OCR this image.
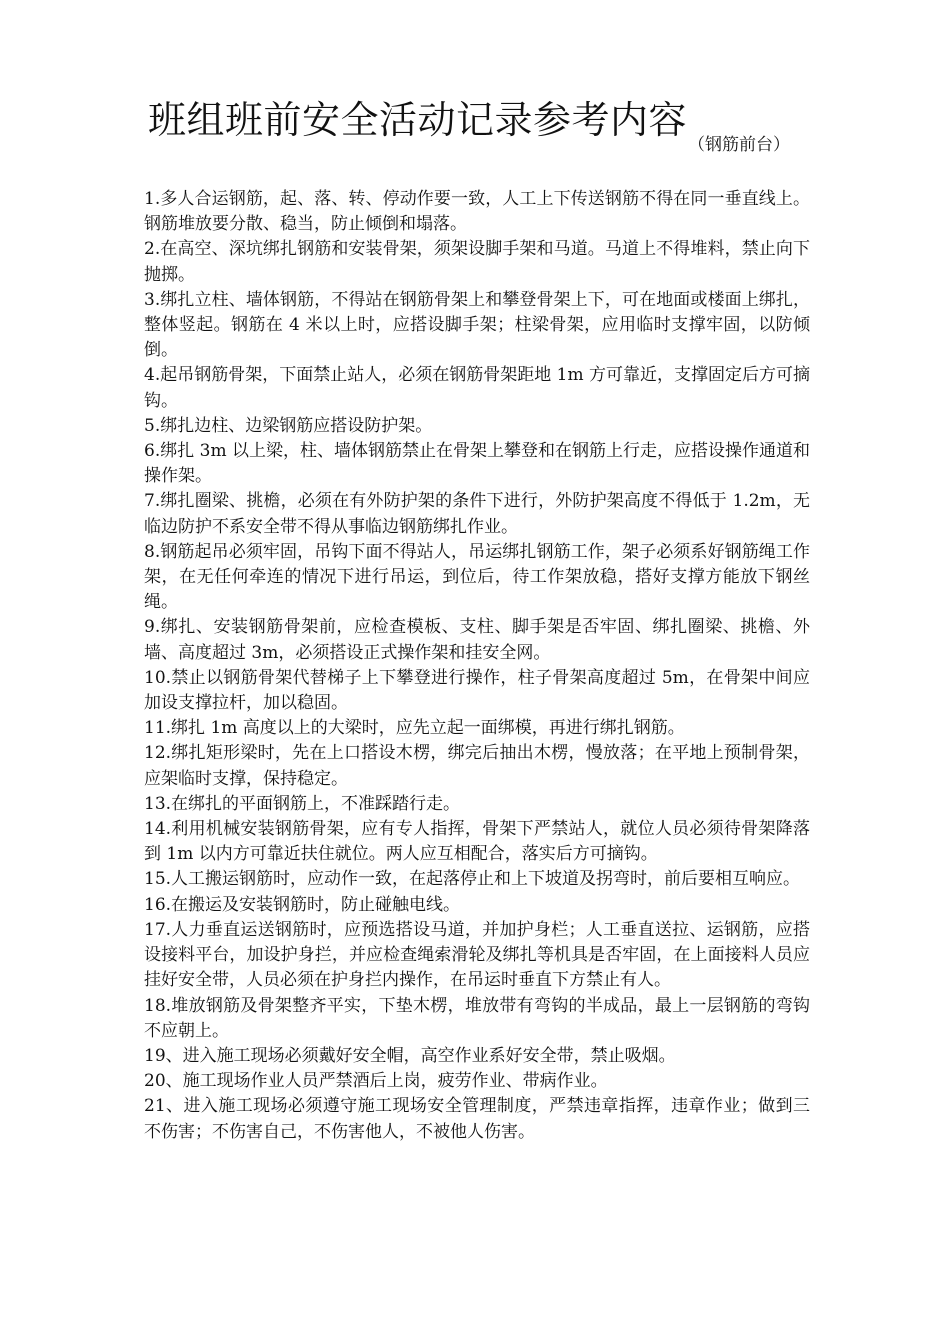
班组班前安全活动记录参考内容
（钢筋前台）
1.多人合运钢筋，起、落、转、停动作要一致，人工上下传送钢筋不得在同一垂直线上。钢筋堆放要分散、稳当，防止倾倒和塌落。
2.在高空、深坑绑扎钢筋和安装骨架，须架设脚手架和马道。马道上不得堆料，禁止向下抛掷。
3.绑扎立柱、墙体钢筋，不得站在钢筋骨架上和攀登骨架上下，可在地面或楼面上绑扎，整体竖起。钢筋在 4 米以上时，应搭设脚手架；柱梁骨架，应用临时支撑牢固，以防倾倒。
4.起吊钢筋骨架，下面禁止站人，必须在钢筋骨架距地 1m 方可靠近，支撑固定后方可摘钩。
5.绑扎边柱、边梁钢筋应搭设防护架。
6.绑扎 3m 以上梁，柱、墙体钢筋禁止在骨架上攀登和在钢筋上行走，应搭设操作通道和操作架。
7.绑扎圈梁、挑檐，必须在有外防护架的条件下进行，外防护架高度不得低于 1.2m，无临边防护不系安全带不得从事临边钢筋绑扎作业。
8.钢筋起吊必须牢固，吊钩下面不得站人，吊运绑扎钢筋工作，架子必须系好钢筋绳工作架，在无任何牵连的情况下进行吊运，到位后，待工作架放稳，搭好支撑方能放下钢丝绳。
9.绑扎、安装钢筋骨架前，应检查模板、支柱、脚手架是否牢固、绑扎圈梁、挑檐、外墙、高度超过 3m，必须搭设正式操作架和挂安全网。
10.禁止以钢筋骨架代替梯子上下攀登进行操作，柱子骨架高度超过 5m，在骨架中间应加设支撑拉杆，加以稳固。
11.绑扎 1m 高度以上的大梁时，应先立起一面绑模，再进行绑扎钢筋。
12.绑扎矩形梁时，先在上口搭设木楞，绑完后抽出木楞，慢放落；在平地上预制骨架，应架临时支撑，保持稳定。
13.在绑扎的平面钢筋上，不准踩踏行走。
14.利用机械安装钢筋骨架，应有专人指挥，骨架下严禁站人，就位人员必须待骨架降落到 1m 以内方可靠近扶住就位。两人应互相配合，落实后方可摘钩。
15.人工搬运钢筋时，应动作一致，在起落停止和上下坡道及拐弯时，前后要相互响应。
16.在搬运及安装钢筋时，防止碰触电线。
17.人力垂直运送钢筋时，应预选搭设马道，并加护身栏；人工垂直送拉、运钢筋，应搭设接料平台，加设护身拦，并应检查绳索滑轮及绑扎等机具是否牢固，在上面接料人员应挂好安全带，人员必须在护身拦内操作，在吊运时垂直下方禁止有人。
18.堆放钢筋及骨架整齐平实，下垫木楞，堆放带有弯钩的半成品，最上一层钢筋的弯钩不应朝上。
19、进入施工现场必须戴好安全帽，高空作业系好安全带，禁止吸烟。
20、施工现场作业人员严禁酒后上岗，疲劳作业、带病作业。
21、进入施工现场必须遵守施工现场安全管理制度，严禁违章指挥，违章作业；做到三不伤害；不伤害自己，不伤害他人，不被他人伤害。
